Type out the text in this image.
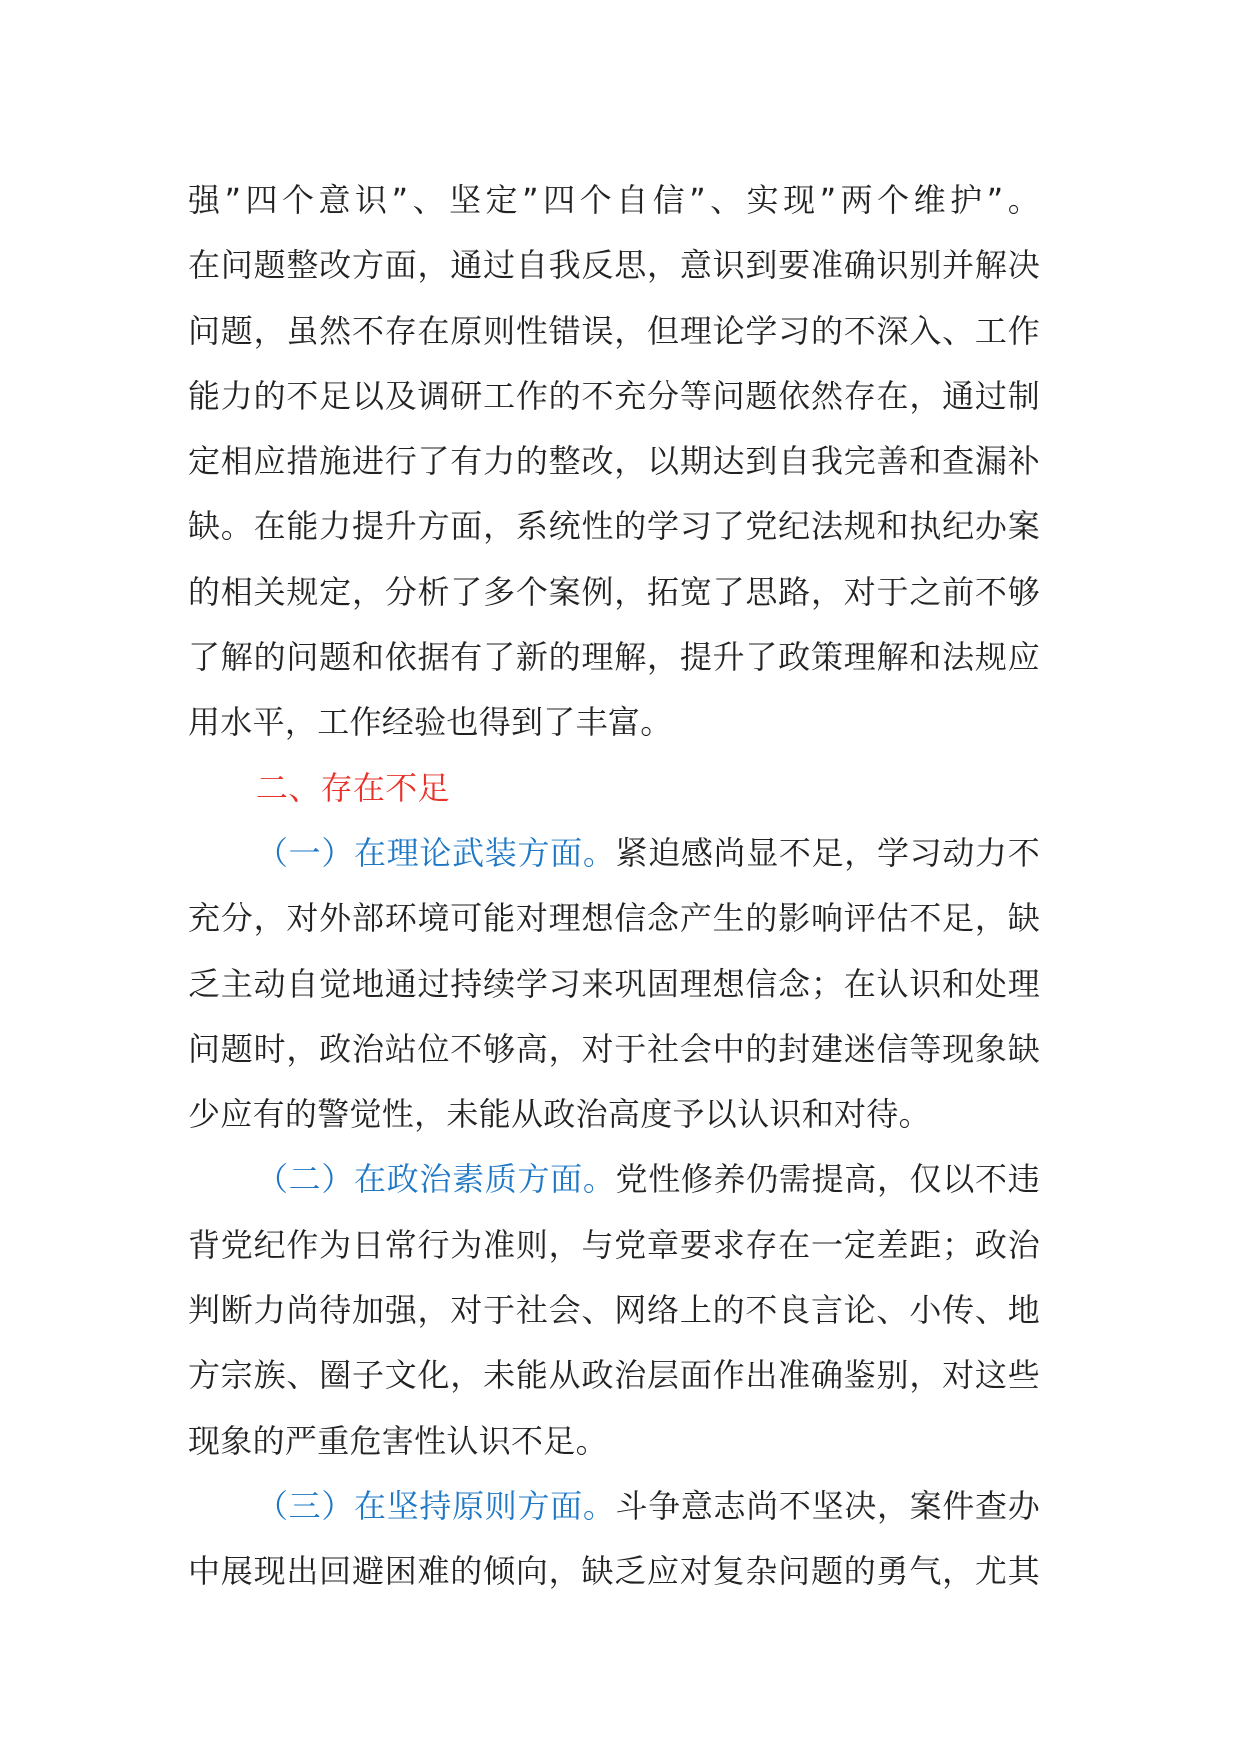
强”四个意识”、坚定”四个自信”、实现”两个维护”。
在问题整改方面，通过自我反思，意识到要准确识别并解决
问题，虽然不存在原则性错误，但理论学习的不深入、工作
能力的不足以及调研工作的不充分等问题依然存在，通过制
定相应措施进行了有力的整改，以期达到自我完善和查漏补
缺。在能力提升方面，系统性的学习了党纪法规和执纪办案
的相关规定，分析了多个案例，拓宽了思路，对于之前不够
了解的问题和依据有了新的理解，提升了政策理解和法规应
用水平，工作经验也得到了丰富。
二、存在不足
（一）在理论武装方面。紧迫感尚显不足，学习动力不
充分，对外部环境可能对理想信念产生的影响评估不足，缺
乏主动自觉地通过持续学习来巩固理想信念；在认识和处理
问题时，政治站位不够高，对于社会中的封建迷信等现象缺
少应有的警觉性，未能从政治高度予以认识和对待。
（二）在政治素质方面。党性修养仍需提高，仅以不违
背党纪作为日常行为准则，与党章要求存在一定差距；政治
判断力尚待加强，对于社会、网络上的不良言论、小传、地
方宗族、圈子文化，未能从政治层面作出准确鉴别，对这些
现象的严重危害性认识不足。
（三）在坚持原则方面。斗争意志尚不坚决，案件查办
中展现出回避困难的倾向，缺乏应对复杂问题的勇气，尤其
